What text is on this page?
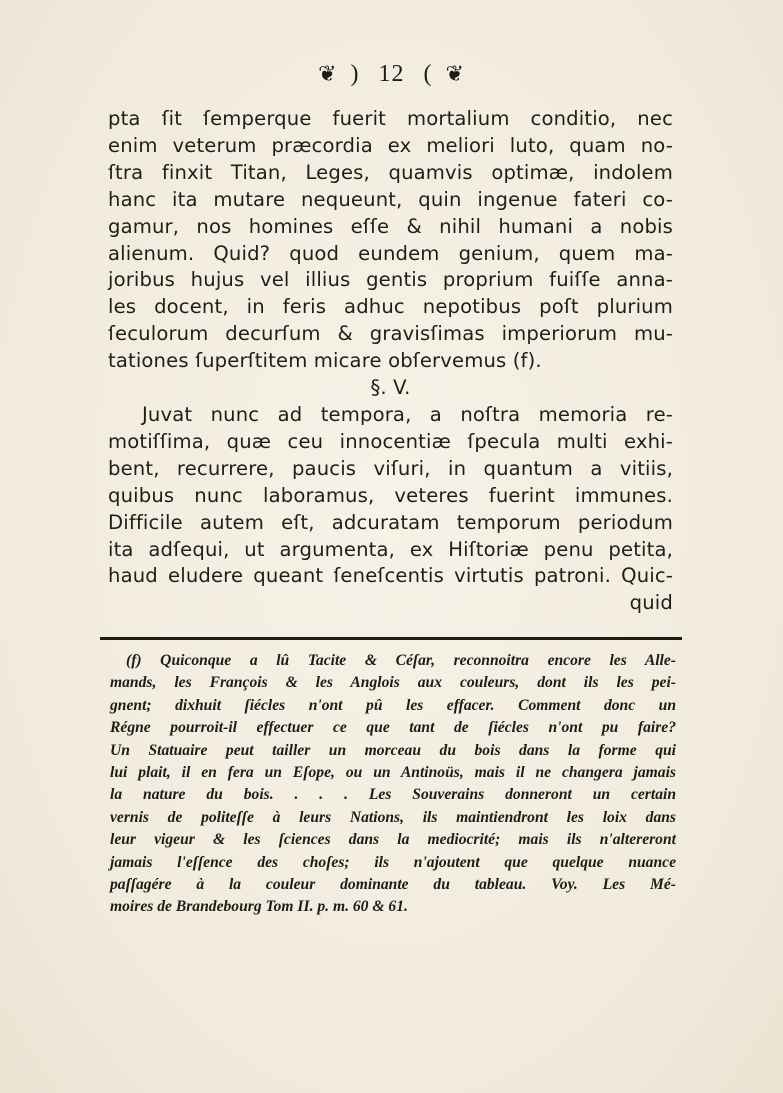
❦ ) 12 ( ❦
pta ſit ſemperque fuerit mortalium conditio, nec
enim veterum præcordia ex meliori luto, quam no-
ſtra finxit Titan, Leges, quamvis optimæ, indolem
hanc ita mutare nequeunt, quin ingenue fateri co-
gamur, nos homines eſſe & nihil humani a nobis
alienum. Quid? quod eundem genium, quem ma-
joribus hujus vel illius gentis proprium fuiſſe anna-
les docent, in feris adhuc nepotibus poſt plurium
ſeculorum decurſum & gravisſimas imperiorum mu-
tationes ſuperſtitem micare obſervemus (f).
§. V.
Juvat nunc ad tempora, a noſtra memoria re-
motiſſima, quæ ceu innocentiæ ſpecula multi exhi-
bent, recurrere, paucis viſuri, in quantum a vitiis,
quibus nunc laboramus, veteres fuerint immunes.
Difficile autem eſt, adcuratam temporum periodum
ita adſequi, ut argumenta, ex Hiſtoriæ penu petita,
haud eludere queant ſeneſcentis virtutis patroni. Quic-
quid
(f) Quiconque a lû Tacite & Céſar, reconnoitra encore les Alle-
mands, les François & les Anglois aux couleurs, dont ils les pei-
gnent; dixhuit ſiécles n'ont pû les effacer. Comment donc un
Régne pourroit-il effectuer ce que tant de ſiécles n'ont pu faire?
Un Statuaire peut tailler un morceau du bois dans la forme qui
lui plait, il en fera un Eſope, ou un Antinoüs, mais il ne changera jamais
la nature du bois. . . . Les Souverains donneront un certain
vernis de politeſſe à leurs Nations, ils maintiendront les loix dans
leur vigeur & les ſciences dans la mediocrité; mais ils n'altereront
jamais l'eſſence des choſes; ils n'ajoutent que quelque nuance
paſſagére à la couleur dominante du tableau. Voy. Les Mé-
moires de Brandebourg Tom II. p. m. 60 & 61.
